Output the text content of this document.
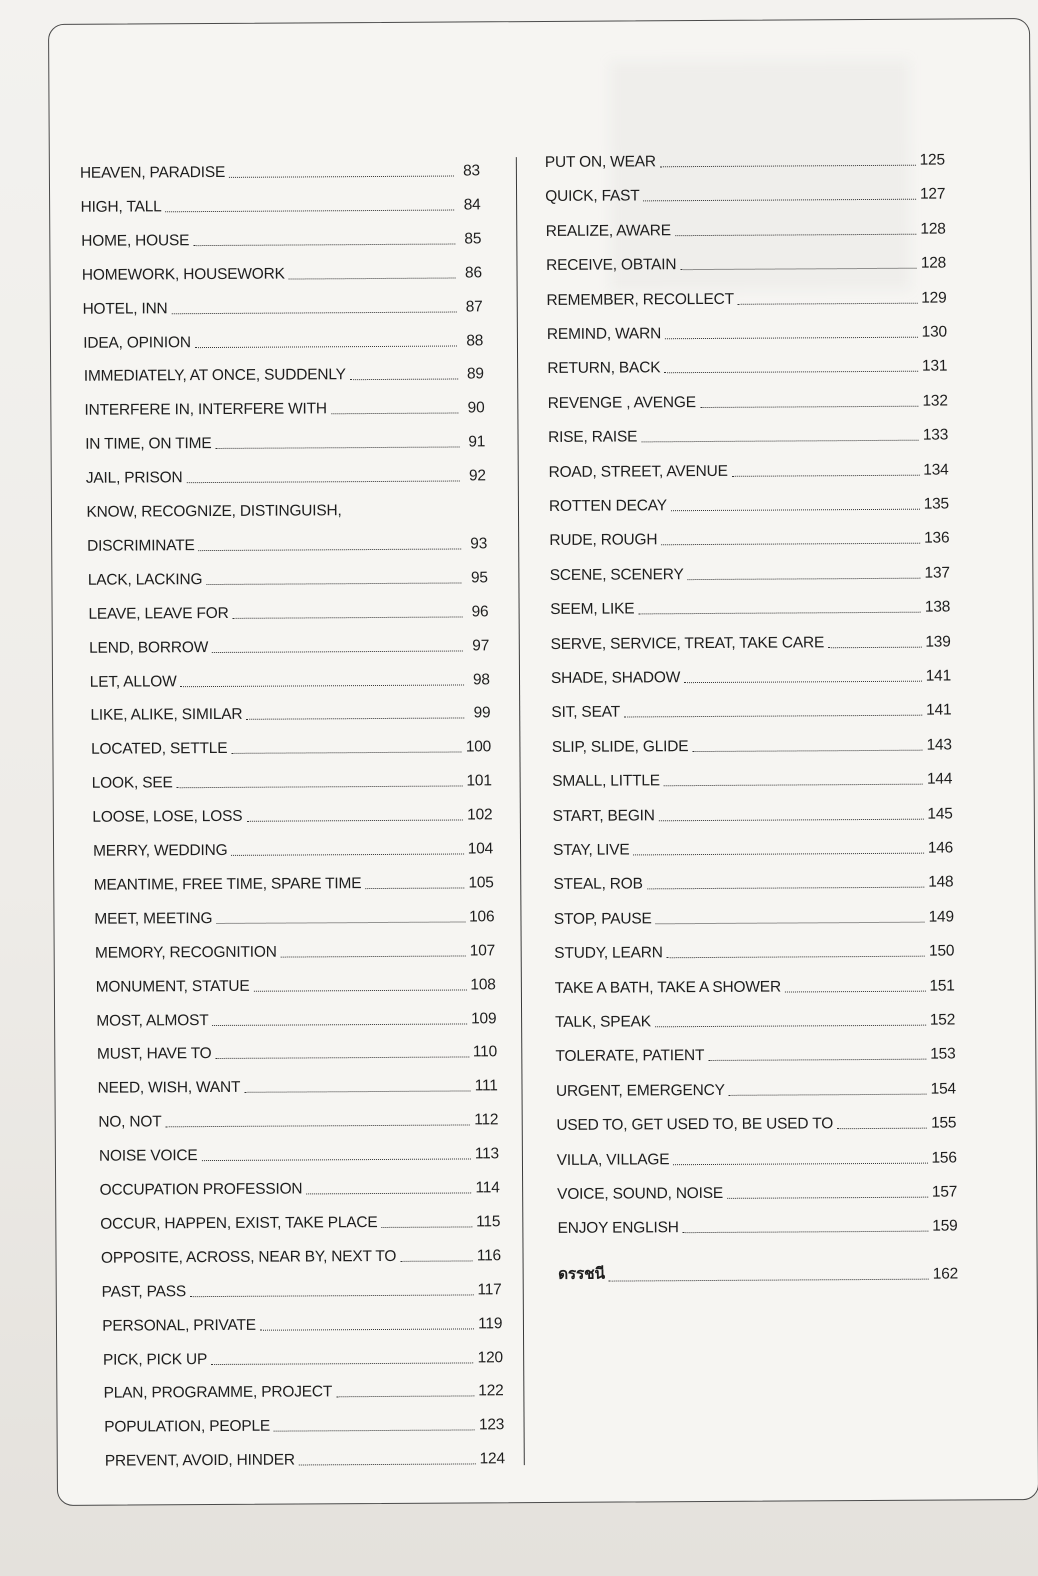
HEAVEN, PARADISE	83
HIGH, TALL	84
HOME, HOUSE	85
HOMEWORK, HOUSEWORK	86
HOTEL, INN	87
IDEA, OPINION	88
IMMEDIATELY, AT ONCE, SUDDENLY	89
INTERFERE IN, INTERFERE WITH	90
IN TIME, ON TIME	91
JAIL, PRISON	92
KNOW, RECOGNIZE, DISTINGUISH,
DISCRIMINATE	93
LACK, LACKING	95
LEAVE, LEAVE FOR	96
LEND, BORROW	97
LET, ALLOW	98
LIKE, ALIKE, SIMILAR	99
LOCATED, SETTLE	100
LOOK, SEE	101
LOOSE, LOSE, LOSS	102
MERRY, WEDDING	104
MEANTIME, FREE TIME, SPARE TIME	105
MEET, MEETING	106
MEMORY, RECOGNITION	107
MONUMENT, STATUE	108
MOST, ALMOST	109
MUST, HAVE TO	110
NEED, WISH, WANT	111
NO, NOT	112
NOISE VOICE	113
OCCUPATION PROFESSION	114
OCCUR, HAPPEN, EXIST, TAKE PLACE	115
OPPOSITE, ACROSS, NEAR BY, NEXT TO	116
PAST, PASS	117
PERSONAL, PRIVATE	119
PICK, PICK UP	120
PLAN, PROGRAMME, PROJECT	122
POPULATION, PEOPLE	123
PREVENT, AVOID, HINDER	124
PUT ON, WEAR	125
QUICK, FAST	127
REALIZE, AWARE	128
RECEIVE, OBTAIN	128
REMEMBER, RECOLLECT	129
REMIND, WARN	130
RETURN, BACK	131
REVENGE , AVENGE	132
RISE, RAISE	133
ROAD, STREET, AVENUE	134
ROTTEN DECAY	135
RUDE, ROUGH	136
SCENE, SCENERY	137
SEEM, LIKE	138
SERVE, SERVICE, TREAT, TAKE CARE	139
SHADE, SHADOW	141
SIT, SEAT	141
SLIP, SLIDE, GLIDE	143
SMALL, LITTLE	144
START, BEGIN	145
STAY, LIVE	146
STEAL, ROB	148
STOP, PAUSE	149
STUDY, LEARN	150
TAKE A BATH, TAKE A SHOWER	151
TALK, SPEAK	152
TOLERATE, PATIENT	153
URGENT, EMERGENCY	154
USED TO, GET USED TO, BE USED TO	155
VILLA, VILLAGE	156
VOICE, SOUND, NOISE	157
ENJOY ENGLISH	159
ดรรชนี	162
